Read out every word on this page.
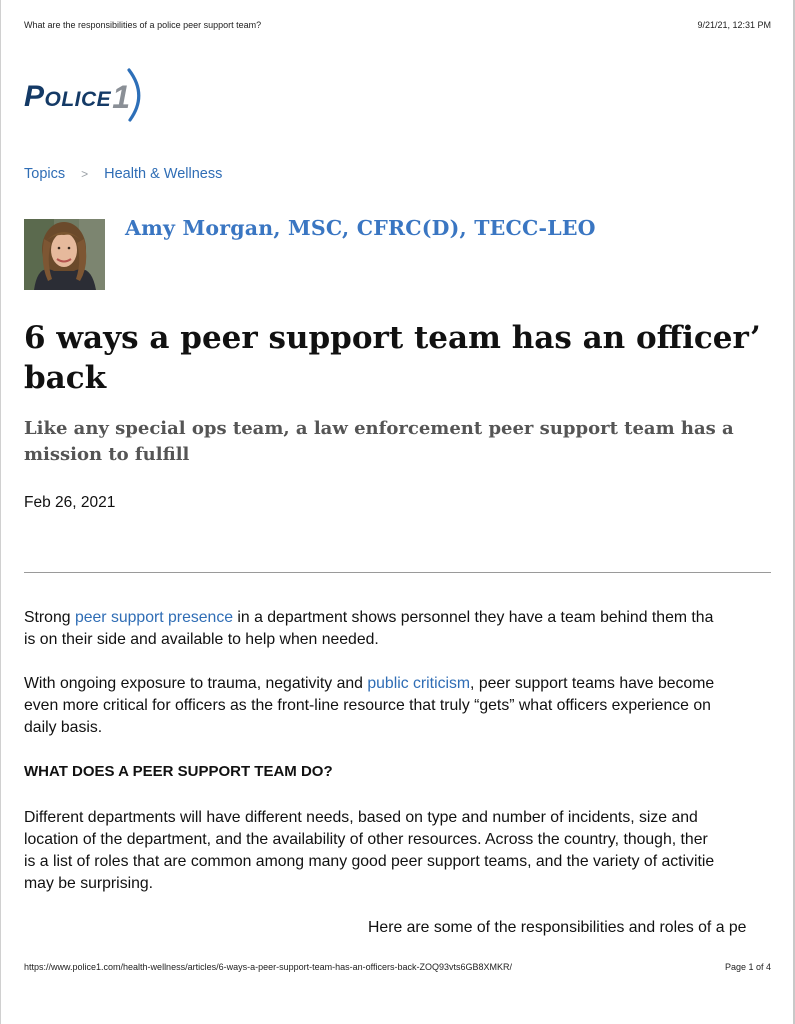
What are the responsibilities of a police peer support team?	9/21/21, 12:31 PM
Police 1
Topics > Health & Wellness
Amy Morgan, MSC, CFRC(D), TECC-LEO
6 ways a peer support team has an officer’
back
Like any special ops team, a law enforcement peer support team has a
mission to fulfill
Feb 26, 2021
Strong peer support presence in a department shows personnel they have a team behind them tha
is on their side and available to help when needed.
With ongoing exposure to trauma, negativity and public criticism, peer support teams have become
even more critical for officers as the front-line resource that truly “gets” what officers experience on
daily basis.
WHAT DOES A PEER SUPPORT TEAM DO?
Different departments will have different needs, based on type and number of incidents, size and
location of the department, and the availability of other resources. Across the country, though, ther
is a list of roles that are common among many good peer support teams, and the variety of activitie
may be surprising.
Here are some of the responsibilities and roles of a pe
https://www.police1.com/health-wellness/articles/6-ways-a-peer-support-team-has-an-officers-back-ZOQ93vts6GB8XMKR/	Page 1 of 4
